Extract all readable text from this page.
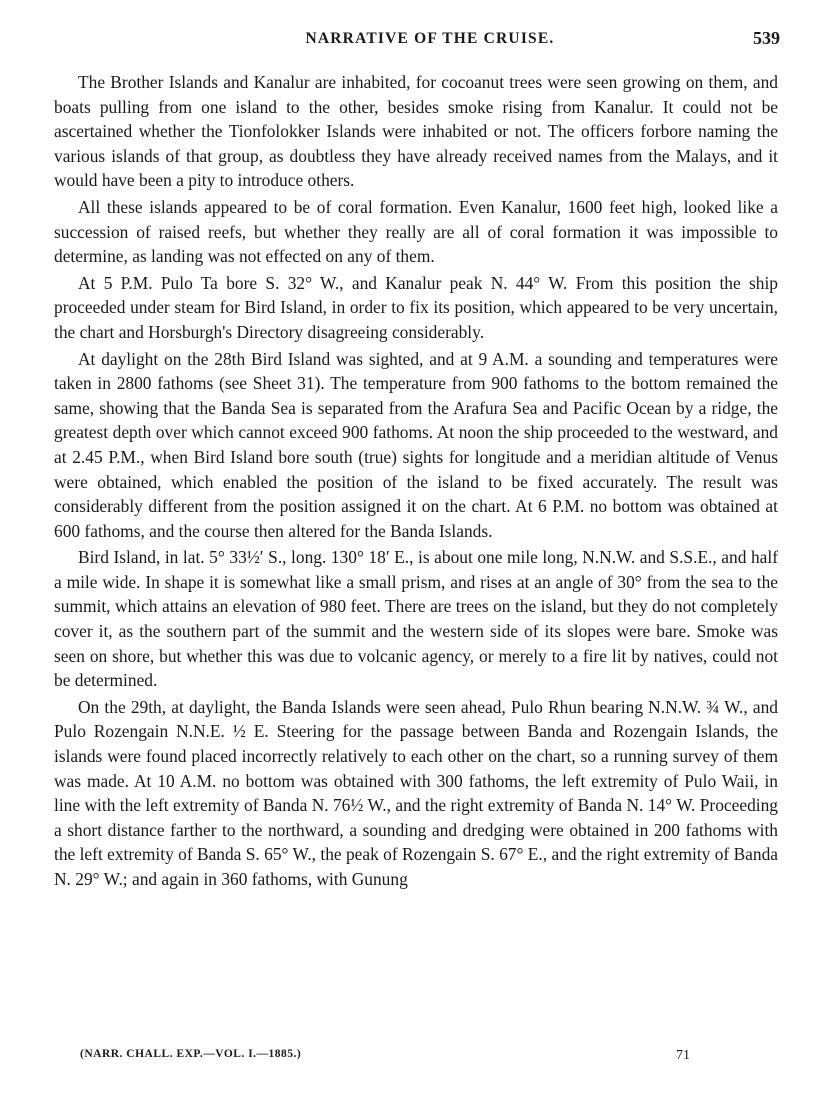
NARRATIVE OF THE CRUISE.	539

The Brother Islands and Kanalur are inhabited, for cocoanut trees were seen growing on them, and boats pulling from one island to the other, besides smoke rising from Kanalur. It could not be ascertained whether the Tionfolokker Islands were inhabited or not. The officers forbore naming the various islands of that group, as doubtless they have already received names from the Malays, and it would have been a pity to introduce others.

All these islands appeared to be of coral formation. Even Kanalur, 1600 feet high, looked like a succession of raised reefs, but whether they really are all of coral formation it was impossible to determine, as landing was not effected on any of them.

At 5 P.M. Pulo Ta bore S. 32° W., and Kanalur peak N. 44° W. From this position the ship proceeded under steam for Bird Island, in order to fix its position, which appeared to be very uncertain, the chart and Horsburgh's Directory disagreeing considerably.

At daylight on the 28th Bird Island was sighted, and at 9 A.M. a sounding and temperatures were taken in 2800 fathoms (see Sheet 31). The temperature from 900 fathoms to the bottom remained the same, showing that the Banda Sea is separated from the Arafura Sea and Pacific Ocean by a ridge, the greatest depth over which cannot exceed 900 fathoms. At noon the ship proceeded to the westward, and at 2.45 P.M., when Bird Island bore south (true) sights for longitude and a meridian altitude of Venus were obtained, which enabled the position of the island to be fixed accurately. The result was considerably different from the position assigned it on the chart. At 6 P.M. no bottom was obtained at 600 fathoms, and the course then altered for the Banda Islands.

Bird Island, in lat. 5° 33½′ S., long. 130° 18′ E., is about one mile long, N.N.W. and S.S.E., and half a mile wide. In shape it is somewhat like a small prism, and rises at an angle of 30° from the sea to the summit, which attains an elevation of 980 feet. There are trees on the island, but they do not completely cover it, as the southern part of the summit and the western side of its slopes were bare. Smoke was seen on shore, but whether this was due to volcanic agency, or merely to a fire lit by natives, could not be determined.

On the 29th, at daylight, the Banda Islands were seen ahead, Pulo Rhun bearing N.N.W. ¾ W., and Pulo Rozengain N.N.E. ½ E. Steering for the passage between Banda and Rozengain Islands, the islands were found placed incorrectly relatively to each other on the chart, so a running survey of them was made. At 10 A.M. no bottom was obtained with 300 fathoms, the left extremity of Pulo Waii, in line with the left extremity of Banda N. 76½ W., and the right extremity of Banda N. 14° W. Proceeding a short distance farther to the northward, a sounding and dredging were obtained in 200 fathoms with the left extremity of Banda S. 65° W., the peak of Rozengain S. 67° E., and the right extremity of Banda N. 29° W.; and again in 360 fathoms, with Gunung

(NARR. CHALL. EXP.—VOL. I.—1885.)	71
